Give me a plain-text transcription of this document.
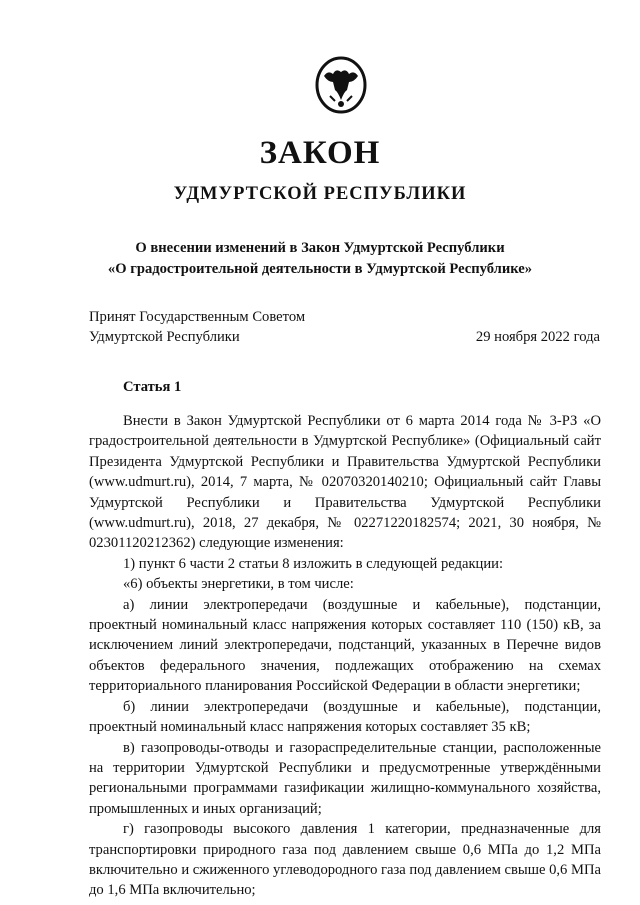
ЗАКОН
УДМУРТСКОЙ РЕСПУБЛИКИ
О внесении изменений в Закон Удмуртской Республики
«О градостроительной деятельности в Удмуртской Республике»
Принят Государственным Советом
Удмуртской Республики	29 ноября 2022 года
Статья 1

Внести в Закон Удмуртской Республики от 6 марта 2014 года № 3-РЗ «О градостроительной деятельности в Удмуртской Республике» (Официальный сайт Президента Удмуртской Республики и Правительства Удмуртской Республики (www.udmurt.ru), 2014, 7 марта, № 02070320140210; Официальный сайт Главы Удмуртской Республики и Правительства Удмуртской Республики (www.udmurt.ru), 2018, 27 декабря, № 02271220182574; 2021, 30 ноября, № 02301120212362) следующие изменения:

1) пункт 6 части 2 статьи 8 изложить в следующей редакции:

«6) объекты энергетики, в том числе:

а) линии электропередачи (воздушные и кабельные), подстанции, проектный номинальный класс напряжения которых составляет 110 (150) кВ, за исключением линий электропередачи, подстанций, указанных в Перечне видов объектов федерального значения, подлежащих отображению на схемах территориального планирования Российской Федерации в области энергетики;

б) линии электропередачи (воздушные и кабельные), подстанции, проектный номинальный класс напряжения которых составляет 35 кВ;

в) газопроводы-отводы и газораспределительные станции, расположенные на территории Удмуртской Республики и предусмотренные утверждёнными региональными программами газификации жилищно-коммунального хозяйства, промышленных и иных организаций;

г) газопроводы высокого давления 1 категории, предназначенные для транспортировки природного газа под давлением свыше 0,6 МПа до 1,2 МПа включительно и сжиженного углеводородного газа под давлением свыше 0,6 МПа до 1,6 МПа включительно;
